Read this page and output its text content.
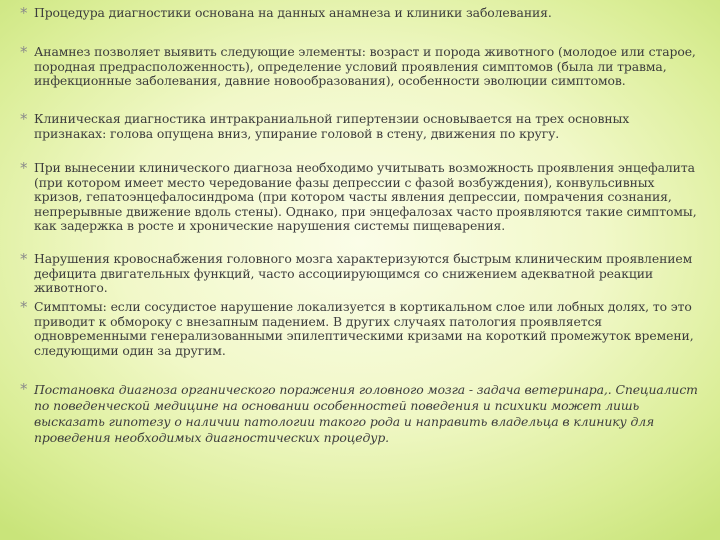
* Процедура диагностики основана на данных анамнеза и клиники заболевания.
* Анамнез позволяет выявить следующие элементы: возраст и порода животного (молодое или старое, породная предрасположенность), определение условий проявления симптомов (была ли травма, инфекционные заболевания, давние новообразования), особенности эволюции симптомов.
* Клиническая диагностика интракраниальной гипертензии основывается на трех основных признаках: голова опущена вниз, упирание головой в стену, движения по кругу.
* При вынесении клинического диагноза необходимо учитывать возможность проявления энцефалита (при котором имеет место чередование фазы депрессии с фазой возбуждения), конвульсивных кризов, гепатоэнцефалосиндрома (при котором часты явления депрессии, помрачения сознания, непрерывные движение вдоль стены). Однако, при энцефалозах часто проявляются такие симптомы, как задержка в росте и хронические нарушения системы пищеварения.
* Нарушения кровоснабжения головного мозга характеризуются быстрым клиническим проявлением дефицита двигательных функций, часто ассоциирующимся со снижением адекватной реакции животного.
* Симптомы: если сосудистое нарушение локализуется в кортикальном слое или лобных долях, то это приводит к обмороку с внезапным падением. В других случаях патология проявляется одновременными генерализованными эпилептическими кризами на короткий промежуток времени, следующими один за другим.
* Постановка диагноза органического поражения головного мозга - задача ветеринара,. Специалист по поведенческой медицине на основании особенностей поведения и психики может лишь высказать гипотезу о наличии патологии такого рода и направить владельца в клинику для проведения необходимых диагностических процедур.
